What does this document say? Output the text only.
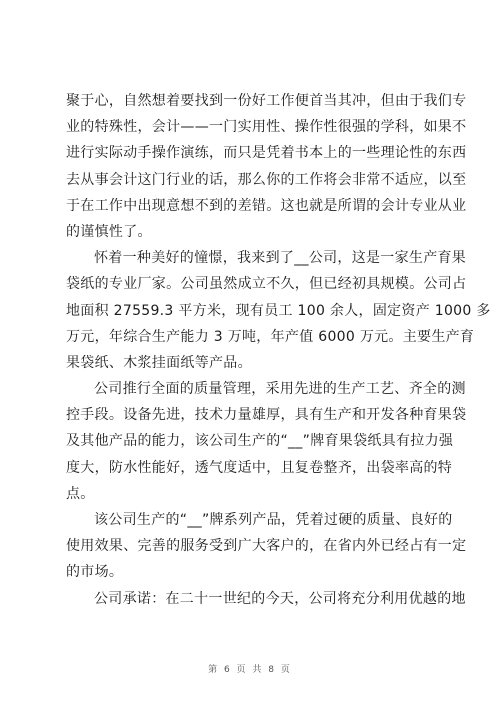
聚于心，自然想着要找到一份好工作便首当其冲，但由于我们专
业的特殊性，会计——一门实用性、操作性很强的学科，如果不
进行实际动手操作演练，而只是凭着书本上的一些理论性的东西
去从事会计这门行业的话，那么你的工作将会非常不适应，以至
于在工作中出现意想不到的差错。这也就是所谓的会计专业从业
的谨慎性了。
怀着一种美好的憧憬，我来到了__公司，这是一家生产育果
袋纸的专业厂家。公司虽然成立不久，但已经初具规模。公司占
地面积 27559.3 平方米，现有员工 100 余人，固定资产 1000 多
万元，年综合生产能力 3 万吨，年产值 6000 万元。主要生产育
果袋纸、木浆挂面纸等产品。
公司推行全面的质量管理，采用先进的生产工艺、齐全的测
控手段。设备先进，技术力量雄厚，具有生产和开发各种育果袋
及其他产品的能力，该公司生产的“__”牌育果袋纸具有拉力强
度大，防水性能好，透气度适中，且复卷整齐，出袋率高的特
点。
该公司生产的“__”牌系列产品，凭着过硬的质量、良好的
使用效果、完善的服务受到广大客户的，在省内外已经占有一定
的市场。
公司承诺：在二十一世纪的今天，公司将充分利用优越的地
第 6 页 共 8 页
